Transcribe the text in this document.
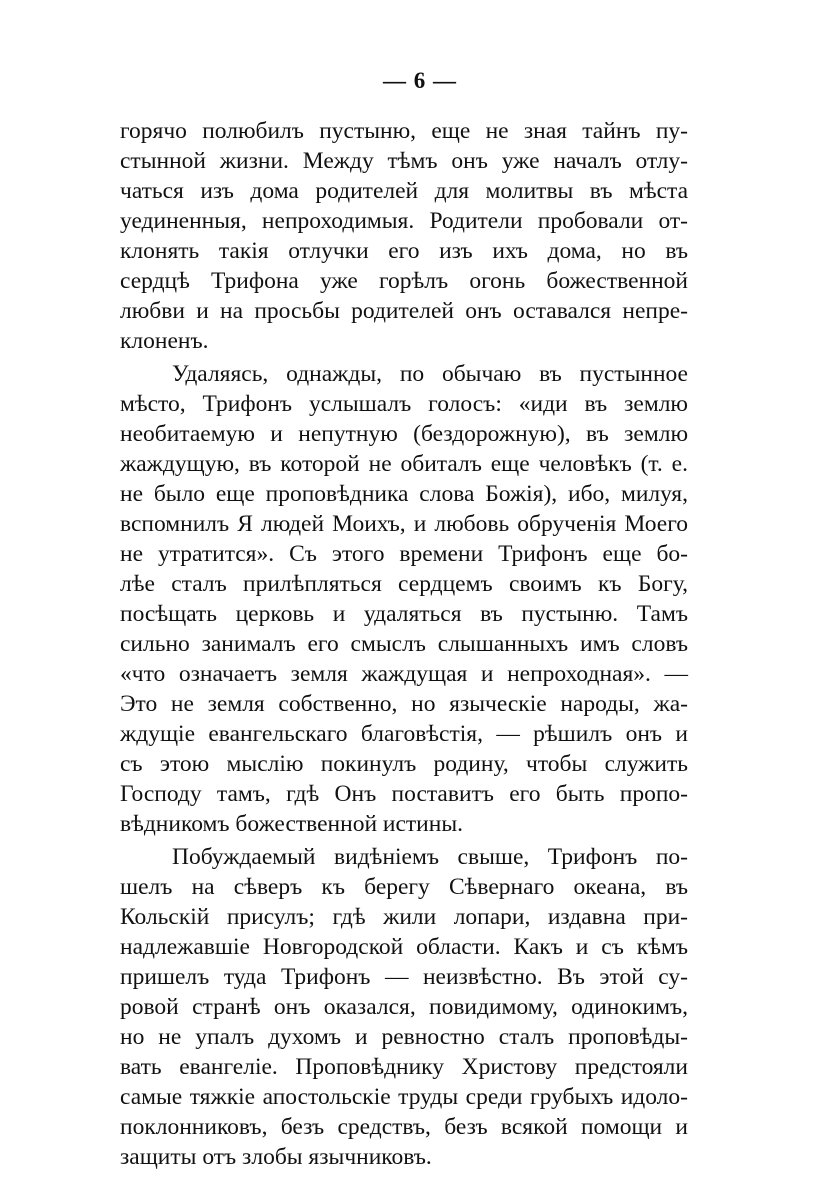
— 6 —
горячо полюбилъ пустыню, еще не зная тайнъ пу-
стынной жизни. Между тѣмъ онъ уже началъ отлу-
чаться изъ дома родителей для молитвы въ мѣста
уединенныя, непроходимыя. Родители пробовали от-
клонять такія отлучки его изъ ихъ дома, но въ
сердцѣ Трифона уже горѣлъ огонь божественной
любви и на просьбы родителей онъ оставался непре-
клоненъ.
Удаляясь, однажды, по обычаю въ пустынное
мѣсто, Трифонъ услышалъ голосъ: «иди въ землю
необитаемую и непутную (бездорожную), въ землю
жаждущую, въ которой не обиталъ еще человѣкъ (т. е.
не было еще проповѣдника слова Божія), ибо, милуя,
вспомнилъ Я людей Моихъ, и любовь обрученія Моего
не утратится». Съ этого времени Трифонъ еще бо-
лѣе сталъ прилѣпляться сердцемъ своимъ къ Богу,
посѣщать церковь и удаляться въ пустыню. Тамъ
сильно занималъ его смыслъ слышанныхъ имъ словъ
«что означаетъ земля жаждущая и непроходная». —
Это не земля собственно, но языческіе народы, жа-
ждущіе евангельскаго благовѣстія, — рѣшилъ онъ и
съ этою мыслію покинулъ родину, чтобы служить
Господу тамъ, гдѣ Онъ поставитъ его быть пропо-
вѣдникомъ божественной истины.
Побуждаемый видѣніемъ свыше, Трифонъ по-
шелъ на сѣверъ къ берегу Сѣвернаго океана, въ
Кольскій присулъ; гдѣ жили лопари, издавна при-
надлежавшіе Новгородской области. Какъ и съ кѣмъ
пришелъ туда Трифонъ — неизвѣстно. Въ этой су-
ровой странѣ онъ оказался, повидимому, одинокимъ,
но не упалъ духомъ и ревностно сталъ проповѣды-
вать евангеліе. Проповѣднику Христову предстояли
самые тяжкіе апостольскіе труды среди грубыхъ идоло-
поклонниковъ, безъ средствъ, безъ всякой помощи и
защиты отъ злобы язычниковъ.
